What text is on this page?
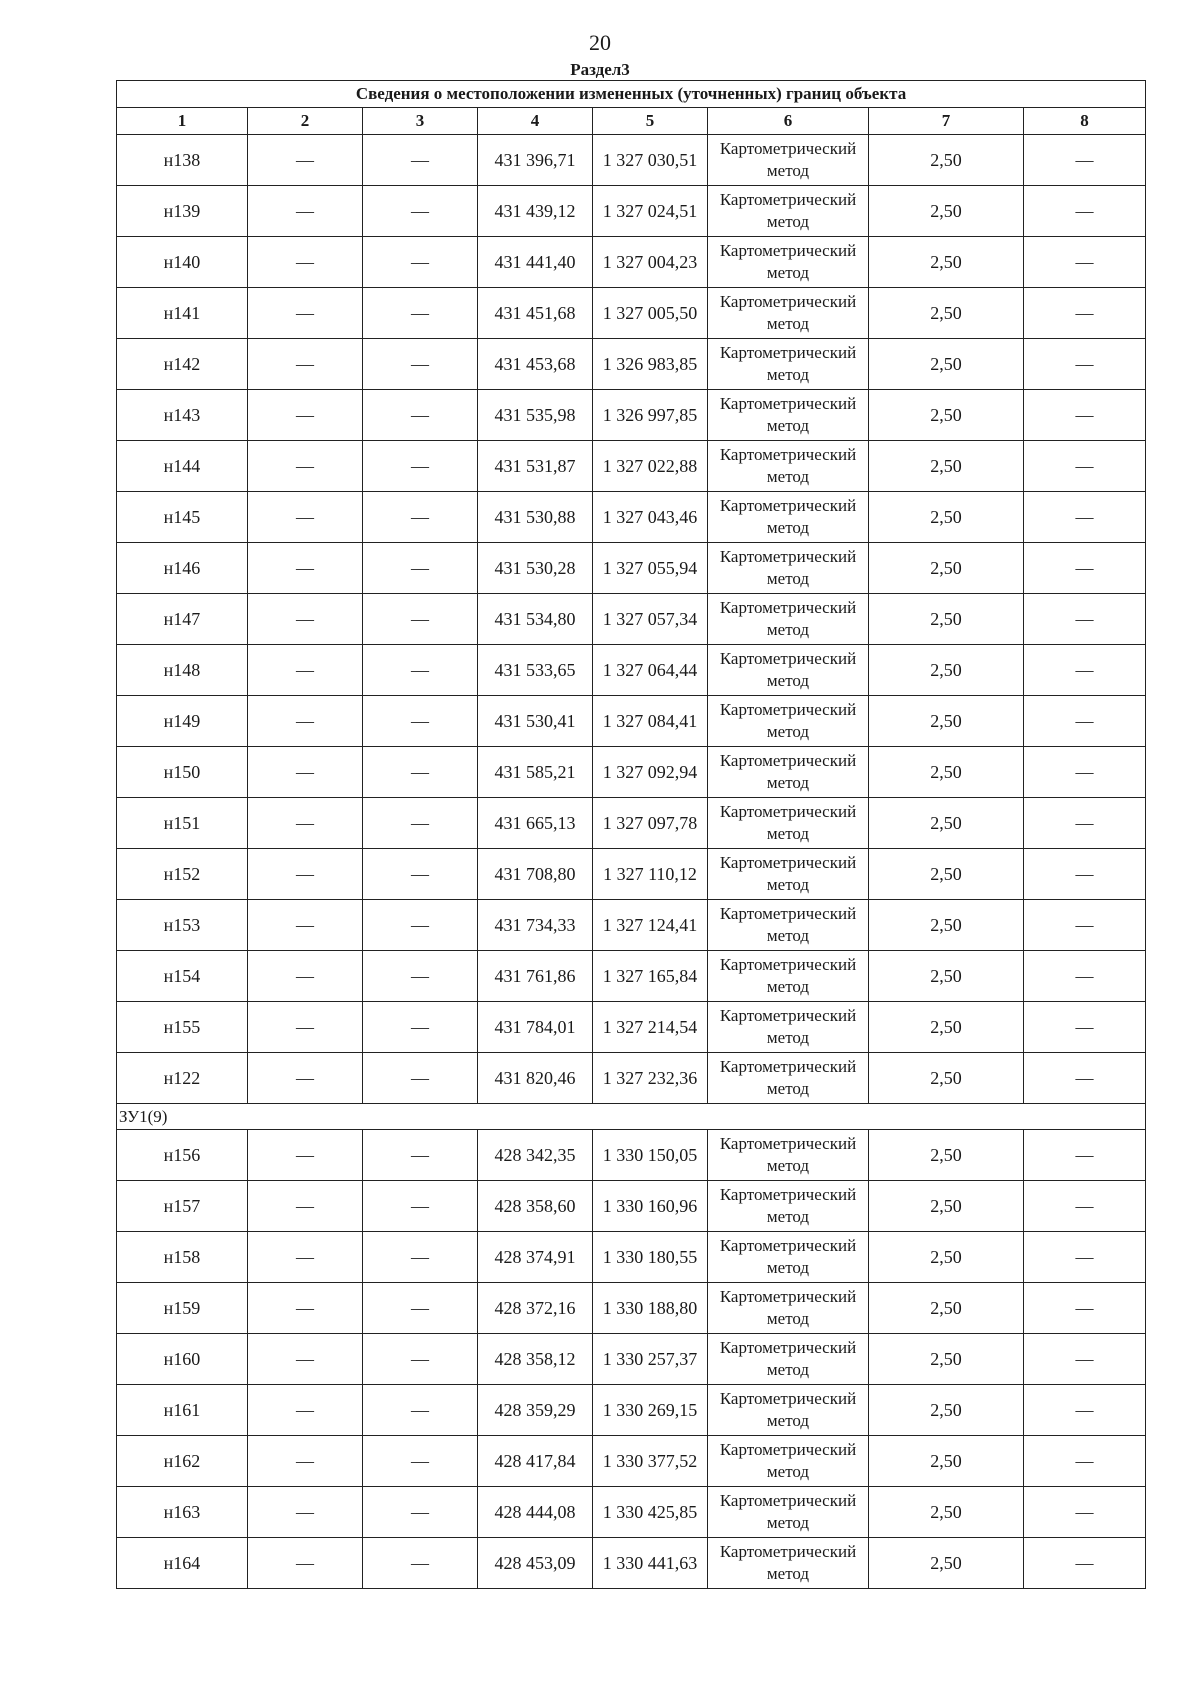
20
Раздел3
Сведения о местоположении измененных (уточненных) границ объекта							
1	2	3	4	5	6	7	8
н138	—	—	431 396,71	1 327 030,51	Картометрический метод	2,50	—
н139	—	—	431 439,12	1 327 024,51	Картометрический метод	2,50	—
н140	—	—	431 441,40	1 327 004,23	Картометрический метод	2,50	—
н141	—	—	431 451,68	1 327 005,50	Картометрический метод	2,50	—
н142	—	—	431 453,68	1 326 983,85	Картометрический метод	2,50	—
н143	—	—	431 535,98	1 326 997,85	Картометрический метод	2,50	—
н144	—	—	431 531,87	1 327 022,88	Картометрический метод	2,50	—
н145	—	—	431 530,88	1 327 043,46	Картометрический метод	2,50	—
н146	—	—	431 530,28	1 327 055,94	Картометрический метод	2,50	—
н147	—	—	431 534,80	1 327 057,34	Картометрический метод	2,50	—
н148	—	—	431 533,65	1 327 064,44	Картометрический метод	2,50	—
н149	—	—	431 530,41	1 327 084,41	Картометрический метод	2,50	—
н150	—	—	431 585,21	1 327 092,94	Картометрический метод	2,50	—
н151	—	—	431 665,13	1 327 097,78	Картометрический метод	2,50	—
н152	—	—	431 708,80	1 327 110,12	Картометрический метод	2,50	—
н153	—	—	431 734,33	1 327 124,41	Картометрический метод	2,50	—
н154	—	—	431 761,86	1 327 165,84	Картометрический метод	2,50	—
н155	—	—	431 784,01	1 327 214,54	Картометрический метод	2,50	—
н122	—	—	431 820,46	1 327 232,36	Картометрический метод	2,50	—
ЗУ1(9)							
н156	—	—	428 342,35	1 330 150,05	Картометрический метод	2,50	—
н157	—	—	428 358,60	1 330 160,96	Картометрический метод	2,50	—
н158	—	—	428 374,91	1 330 180,55	Картометрический метод	2,50	—
н159	—	—	428 372,16	1 330 188,80	Картометрический метод	2,50	—
н160	—	—	428 358,12	1 330 257,37	Картометрический метод	2,50	—
н161	—	—	428 359,29	1 330 269,15	Картометрический метод	2,50	—
н162	—	—	428 417,84	1 330 377,52	Картометрический метод	2,50	—
н163	—	—	428 444,08	1 330 425,85	Картометрический метод	2,50	—
н164	—	—	428 453,09	1 330 441,63	Картометрический метод	2,50	—
